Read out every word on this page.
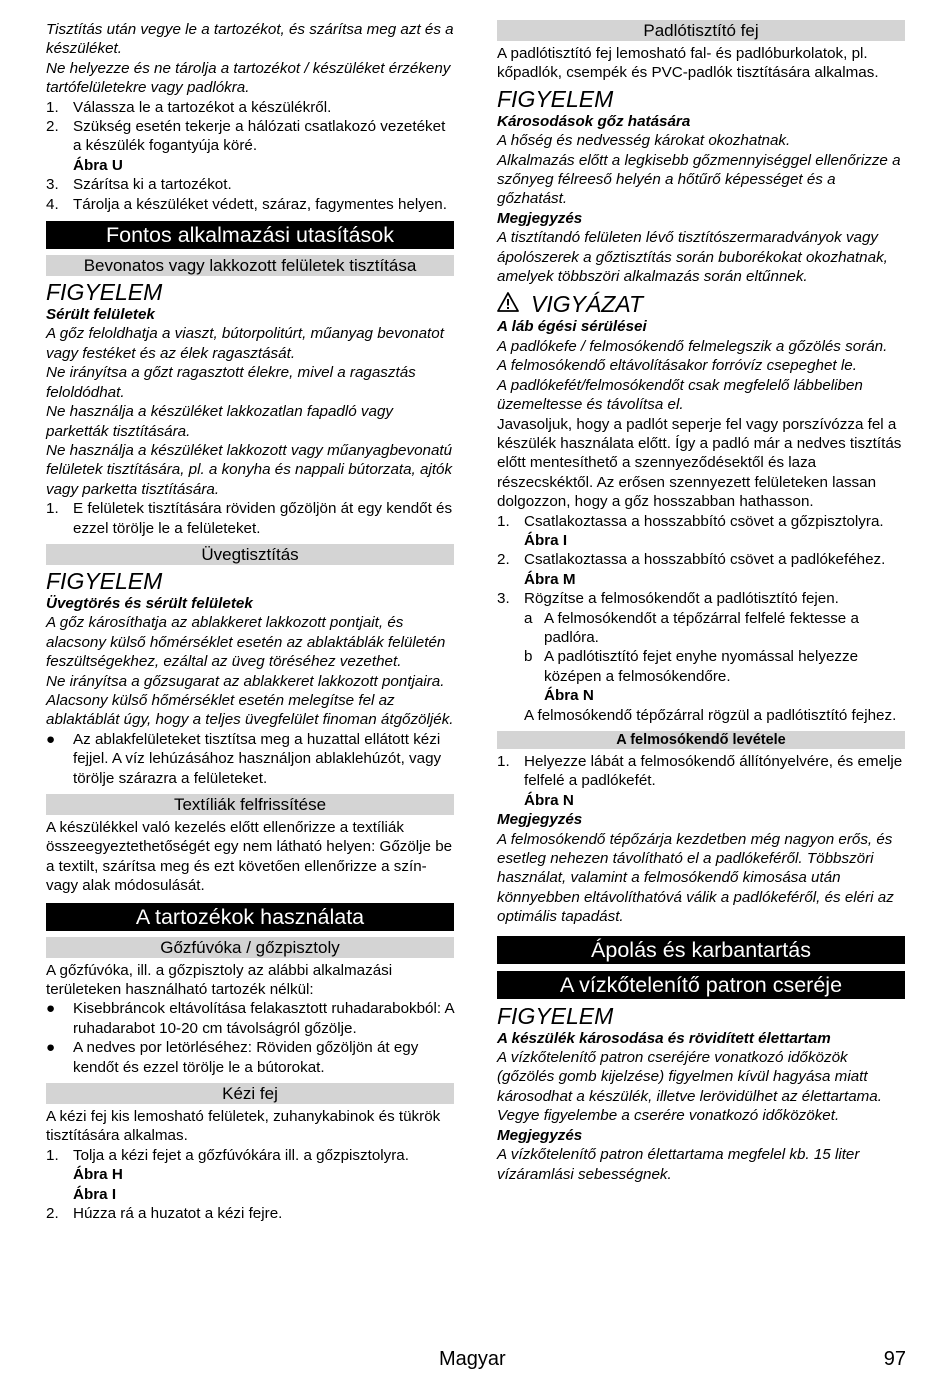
Tisztítás után vegye le a tartozékot, és szárítsa meg azt és a készüléket.
Ne helyezze és ne tárolja a tartozékot / készüléket érzékeny tartófelületekre vagy padlókra.
1. Válassza le a tartozékot a készülékről.
2. Szükség esetén tekerje a hálózati csatlakozó vezetéket a készülék fogantyúja köré.
Ábra U
3. Szárítsa ki a tartozékot.
4. Tárolja a készüléket védett, száraz, fagymentes helyen.
Fontos alkalmazási utasítások
Bevonatos vagy lakkozott felületek tisztítása
FIGYELEM
Sérült felületek
A gőz feloldhatja a viaszt, bútorpolitúrt, műanyag bevonatot vagy festéket és az élek ragasztását.
Ne irányítsa a gőzt ragasztott élekre, mivel a ragasztás feloldódhat.
Ne használja a készüléket lakkozatlan fapadló vagy parketták tisztítására.
Ne használja a készüléket lakkozott vagy műanyagbevonatú felületek tisztítására, pl. a konyha és nappali bútorzata, ajtók vagy parketta tisztítására.
1. E felületek tisztítására röviden gőzöljön át egy kendőt és ezzel törölje le a felületeket.
Üvegtisztítás
FIGYELEM
Üvegtörés és sérült felületek
A gőz károsíthatja az ablakkeret lakkozott pontjait, és alacsony külső hőmérséklet esetén az ablaktáblák felületén feszültségekhez, ezáltal az üveg töréséhez vezethet.
Ne irányítsa a gőzsugarat az ablakkeret lakkozott pontjaira.
Alacsony külső hőmérséklet esetén melegítse fel az ablaktáblát úgy, hogy a teljes üvegfelület finoman átgőzöljék.
●	Az ablakfelületeket tisztítsa meg a huzattal ellátott kézi fejjel. A víz lehúzásához használjon ablaklehúzót, vagy törölje szárazra a felületeket.
Textíliák felfrissítése
A készülékkel való kezelés előtt ellenőrizze a textíliák összeegyeztethetőségét egy nem látható helyen: Gőzölje be a textilt, szárítsa meg és ezt követően ellenőrizze a szín- vagy alak módosulását.
A tartozékok használata
Gőzfúvóka / gőzpisztoly
A gőzfúvóka, ill. a gőzpisztoly az alábbi alkalmazási területeken használható tartozék nélkül:
●	Kisebbráncok eltávolítása felakasztott ruhadarabokból: A ruhadarabot 10-20 cm távolságról gőzölje.
●	A nedves por letörléséhez: Röviden gőzöljön át egy kendőt és ezzel törölje le a bútorokat.
Kézi fej
A kézi fej kis lemosható felületek, zuhanykabinok és tükrök tisztítására alkalmas.
1. Tolja a kézi fejet a gőzfúvókára ill. a gőzpisztolyra.
Ábra H
Ábra I
2. Húzza rá a huzatot a kézi fejre.
Padlótisztító fej
A padlótisztító fej lemosható fal- és padlóburkolatok, pl. kőpadlók, csempék és PVC-padlók tisztítására alkalmas.
FIGYELEM
Károsodások gőz hatására
A hőség és nedvesség károkat okozhatnak.
Alkalmazás előtt a legkisebb gőzmennyiséggel ellenőrizze a szőnyeg félreeső helyén a hőtűrő képességet és a gőzhatást.
Megjegyzés
A tisztítandó felületen lévő tisztítószermaradványok vagy ápolószerek a gőztisztítás során buborékokat okozhatnak, amelyek többszöri alkalmazás során eltűnnek.
VIGYÁZAT
A láb égési sérülései
A padlókefe / felmosókendő felmelegszik a gőzölés során.
A felmosókendő eltávolításakor forróvíz csepeghet le.
A padlókefét/felmosókendőt csak megfelelő lábbeliben üzemeltesse és távolítsa el.
Javasoljuk, hogy a padlót seperje fel vagy porszívózza fel a készülék használata előtt. Így a padló már a nedves tisztítás előtt mentesíthető a szennyeződésektől és laza részecskéktől. Az erősen szennyezett felületeken lassan dolgozzon, hogy a gőz hosszabban hathasson.
1. Csatlakoztassa a hosszabbító csövet a gőzpisztolyra.
Ábra I
2. Csatlakoztassa a hosszabbító csövet a padlókeféhez.
Ábra M
3. Rögzítse a felmosókendőt a padlótisztító fejen.
a A felmosókendőt a tépőzárral felfelé fektesse a padlóra.
b A padlótisztító fejet enyhe nyomással helyezze középen a felmosókendőre.
Ábra N
A felmosókendő tépőzárral rögzül a padlótisztító fejhez.
A felmosókendő levétele
1. Helyezze lábát a felmosókendő állítónyelvére, és emelje felfelé a padlókefét.
Ábra N
Megjegyzés
A felmosókendő tépőzárja kezdetben még nagyon erős, és esetleg nehezen távolítható el a padlókeféről. Többszöri használat, valamint a felmosókendő kimosása után könnyebben eltávolíthatóvá válik a padlókeféről, és eléri az optimális tapadást.
Ápolás és karbantartás
A vízkőtelenítő patron cseréje
FIGYELEM
A készülék károsodása és rövidített élettartam
A vízkőtelenítő patron cseréjére vonatkozó időközök (gőzölés gomb kijelzése) figyelmen kívül hagyása miatt károsodhat a készülék, illetve lerövidülhet az élettartama.
Vegye figyelembe a cserére vonatkozó időközöket.
Megjegyzés
A vízkőtelenítő patron élettartama megfelel kb. 15 liter vízáramlási sebességnek.
Magyar	97
